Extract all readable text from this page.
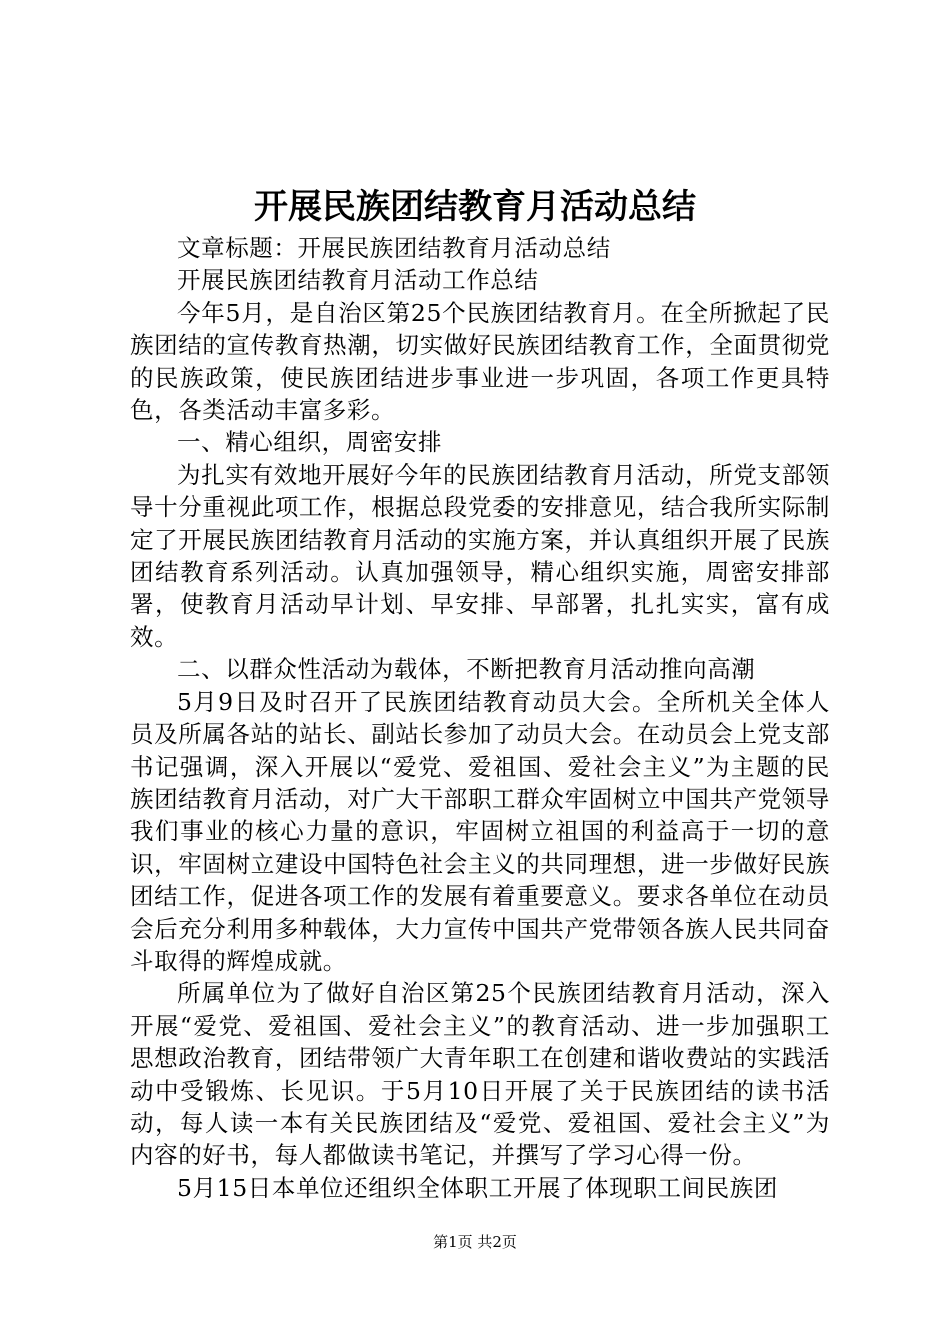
开展民族团结教育月活动总结

文章标题：开展民族团结教育月活动总结

开展民族团结教育月活动工作总结

今年5月，是自治区第25个民族团结教育月。在全所掀起了民族团结的宣传教育热潮，切实做好民族团结教育工作，全面贯彻党的民族政策，使民族团结进步事业进一步巩固，各项工作更具特色，各类活动丰富多彩。

一、精心组织，周密安排

为扎实有效地开展好今年的民族团结教育月活动，所党支部领导十分重视此项工作，根据总段党委的安排意见，结合我所实际制定了开展民族团结教育月活动的实施方案，并认真组织开展了民族团结教育系列活动。认真加强领导，精心组织实施，周密安排部署，使教育月活动早计划、早安排、早部署，扎扎实实，富有成效。

二、以群众性活动为载体，不断把教育月活动推向高潮

5月9日及时召开了民族团结教育动员大会。全所机关全体人员及所属各站的站长、副站长参加了动员大会。在动员会上党支部书记强调，深入开展以“爱党、爱祖国、爱社会主义”为主题的民族团结教育月活动，对广大干部职工群众牢固树立中国共产党领导我们事业的核心力量的意识，牢固树立祖国的利益高于一切的意识，牢固树立建设中国特色社会主义的共同理想，进一步做好民族团结工作，促进各项工作的发展有着重要意义。要求各单位在动员会后充分利用多种载体，大力宣传中国共产党带领各族人民共同奋斗取得的辉煌成就。

所属单位为了做好自治区第25个民族团结教育月活动，深入开展“爱党、爱祖国、爱社会主义”的教育活动、进一步加强职工思想政治教育，团结带领广大青年职工在创建和谐收费站的实践活动中受锻炼、长见识。于5月10日开展了关于民族团结的读书活动，每人读一本有关民族团结及“爱党、爱祖国、爱社会主义”为内容的好书，每人都做读书笔记，并撰写了学习心得一份。

5月15日本单位还组织全体职工开展了体现职工间民族团

第1页 共2页
